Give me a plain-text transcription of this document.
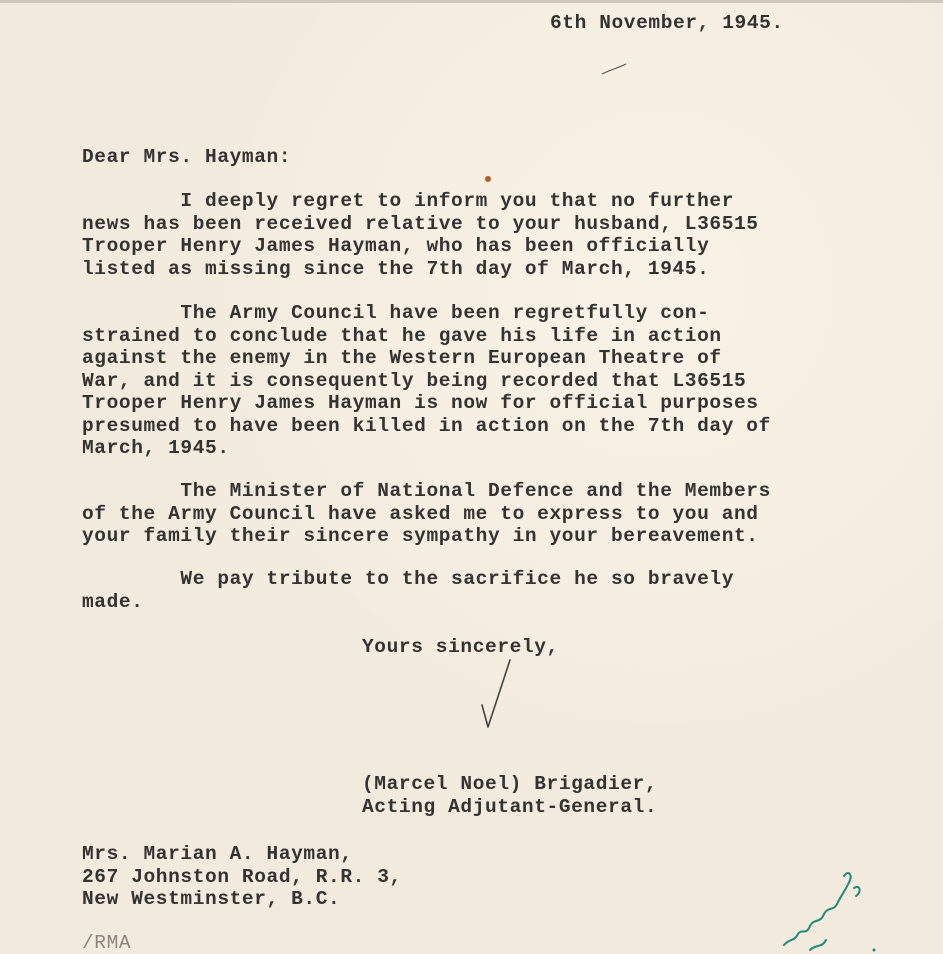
6th November, 1945.
Dear Mrs. Hayman:
I deeply regret to inform you that no further
news has been received relative to your husband, L36515
Trooper Henry James Hayman, who has been officially
listed as missing since the 7th day of March, 1945.
The Army Council have been regretfully con-
strained to conclude that he gave his life in action
against the enemy in the Western European Theatre of
War, and it is consequently being recorded that L36515
Trooper Henry James Hayman is now for official purposes
presumed to have been killed in action on the 7th day of
March, 1945.
The Minister of National Defence and the Members
of the Army Council have asked me to express to you and
your family their sincere sympathy in your bereavement.
We pay tribute to the sacrifice he so bravely
made.
Yours sincerely,
(Marcel Noel) Brigadier,
Acting Adjutant-General.
Mrs. Marian A. Hayman,
267 Johnston Road, R.R. 3,
New Westminster, B.C.
/RMA
